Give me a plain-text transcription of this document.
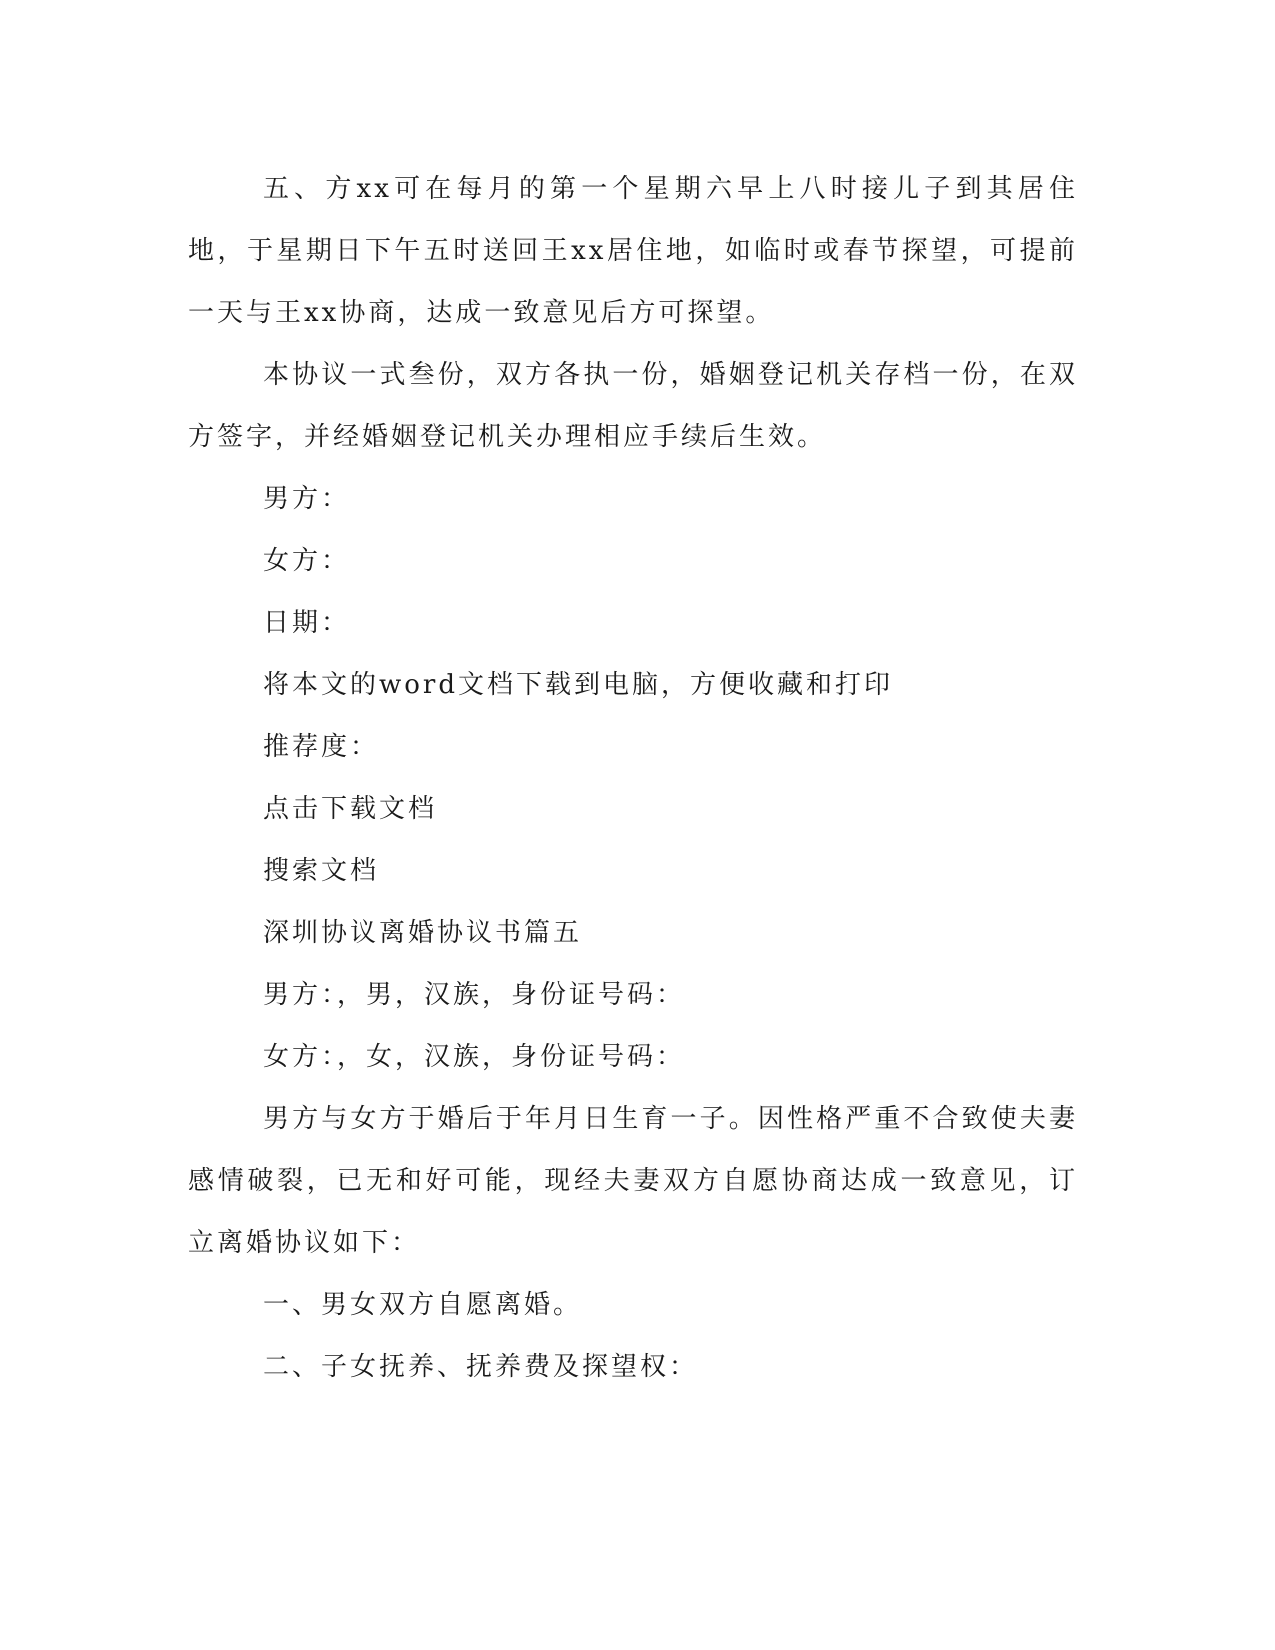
五、方xx可在每月的第一个星期六早上八时接儿子到其居住地，于星期日下午五时送回王xx居住地，如临时或春节探望，可提前一天与王xx协商，达成一致意见后方可探望。

本协议一式叁份，双方各执一份，婚姻登记机关存档一份，在双方签字，并经婚姻登记机关办理相应手续后生效。

男方：

女方：

日期：

将本文的word文档下载到电脑，方便收藏和打印

推荐度：

点击下载文档

搜索文档

深圳协议离婚协议书篇五

男方：，男，汉族，身份证号码：

女方：，女，汉族，身份证号码：

男方与女方于婚后于年月日生育一子。因性格严重不合致使夫妻感情破裂，已无和好可能，现经夫妻双方自愿协商达成一致意见，订立离婚协议如下：

一、男女双方自愿离婚。

二、子女抚养、抚养费及探望权：
